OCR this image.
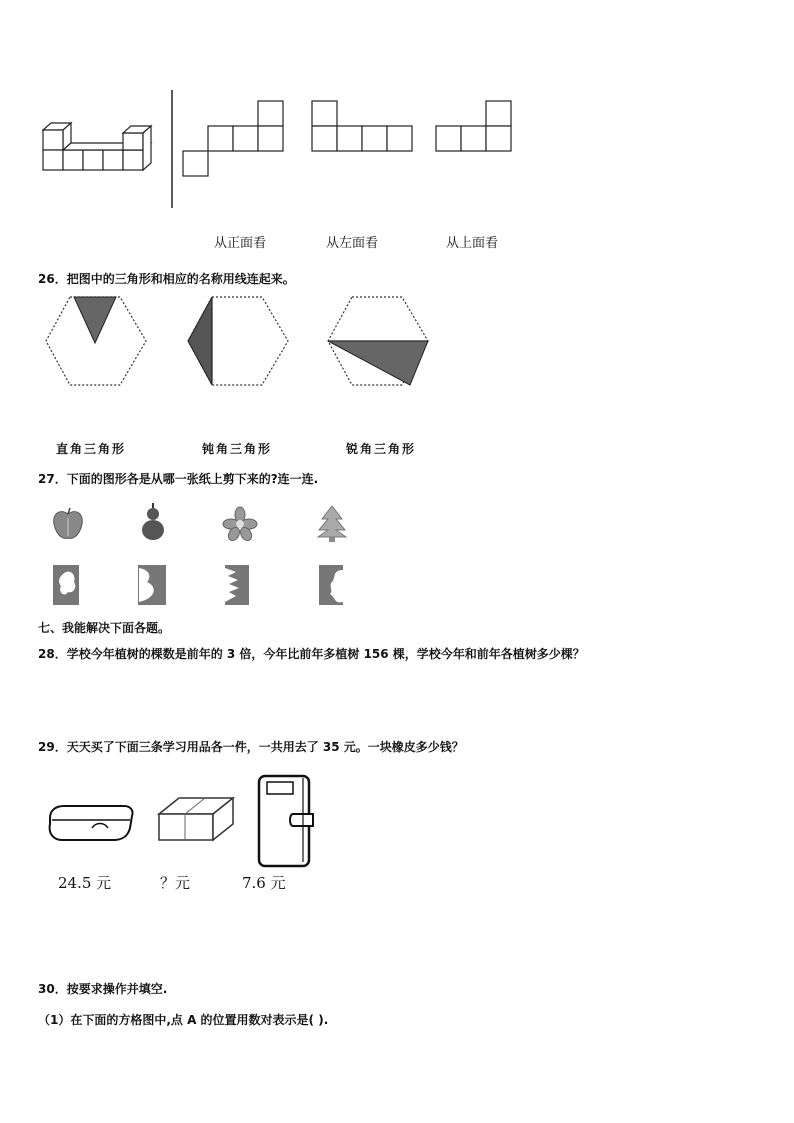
从正面看	从左面看	从上面看
26．把图中的三角形和相应的名称用线连起来。
直角三角形	钝角三角形	锐角三角形
27．下面的图形各是从哪一张纸上剪下来的?连一连.
七、我能解决下面各题。
28．学校今年植树的棵数是前年的 3 倍，今年比前年多植树 156 棵，学校今年和前年各植树多少棵？
29．天天买了下面三条学习用品各一件，一共用去了 35 元。一块橡皮多少钱？
24.5 元	？元	7.6 元
30．按要求操作并填空.
（1）在下面的方格图中,点 A 的位置用数对表示是( ).
